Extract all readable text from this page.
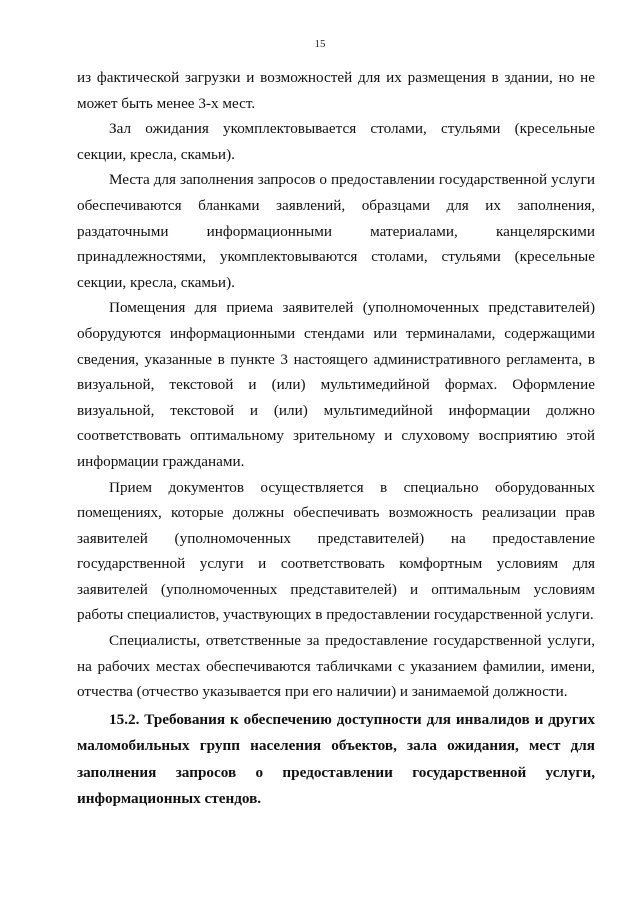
15

из фактической загрузки и возможностей для их размещения в здании, но не может быть менее 3-х мест.

Зал ожидания укомплектовывается столами, стульями (кресельные секции, кресла, скамьи).

Места для заполнения запросов о предоставлении государственной услуги обеспечиваются бланками заявлений, образцами для их заполнения, раздаточными информационными материалами, канцелярскими принадлежностями, укомплектовываются столами, стульями (кресельные секции, кресла, скамьи).

Помещения для приема заявителей (уполномоченных представителей) оборудуются информационными стендами или терминалами, содержащими сведения, указанные в пункте 3 настоящего административного регламента, в визуальной, текстовой и (или) мультимедийной формах. Оформление визуальной, текстовой и (или) мультимедийной информации должно соответствовать оптимальному зрительному и слуховому восприятию этой информации гражданами.

Прием документов осуществляется в специально оборудованных помещениях, которые должны обеспечивать возможность реализации прав заявителей (уполномоченных представителей) на предоставление государственной услуги и соответствовать комфортным условиям для заявителей (уполномоченных представителей) и оптимальным условиям работы специалистов, участвующих в предоставлении государственной услуги.

Специалисты, ответственные за предоставление государственной услуги, на рабочих местах обеспечиваются табличками с указанием фамилии, имени, отчества (отчество указывается при его наличии) и занимаемой должности.

15.2. Требования к обеспечению доступности для инвалидов и других маломобильных групп населения объектов, зала ожидания, мест для заполнения запросов о предоставлении государственной услуги, информационных стендов.
